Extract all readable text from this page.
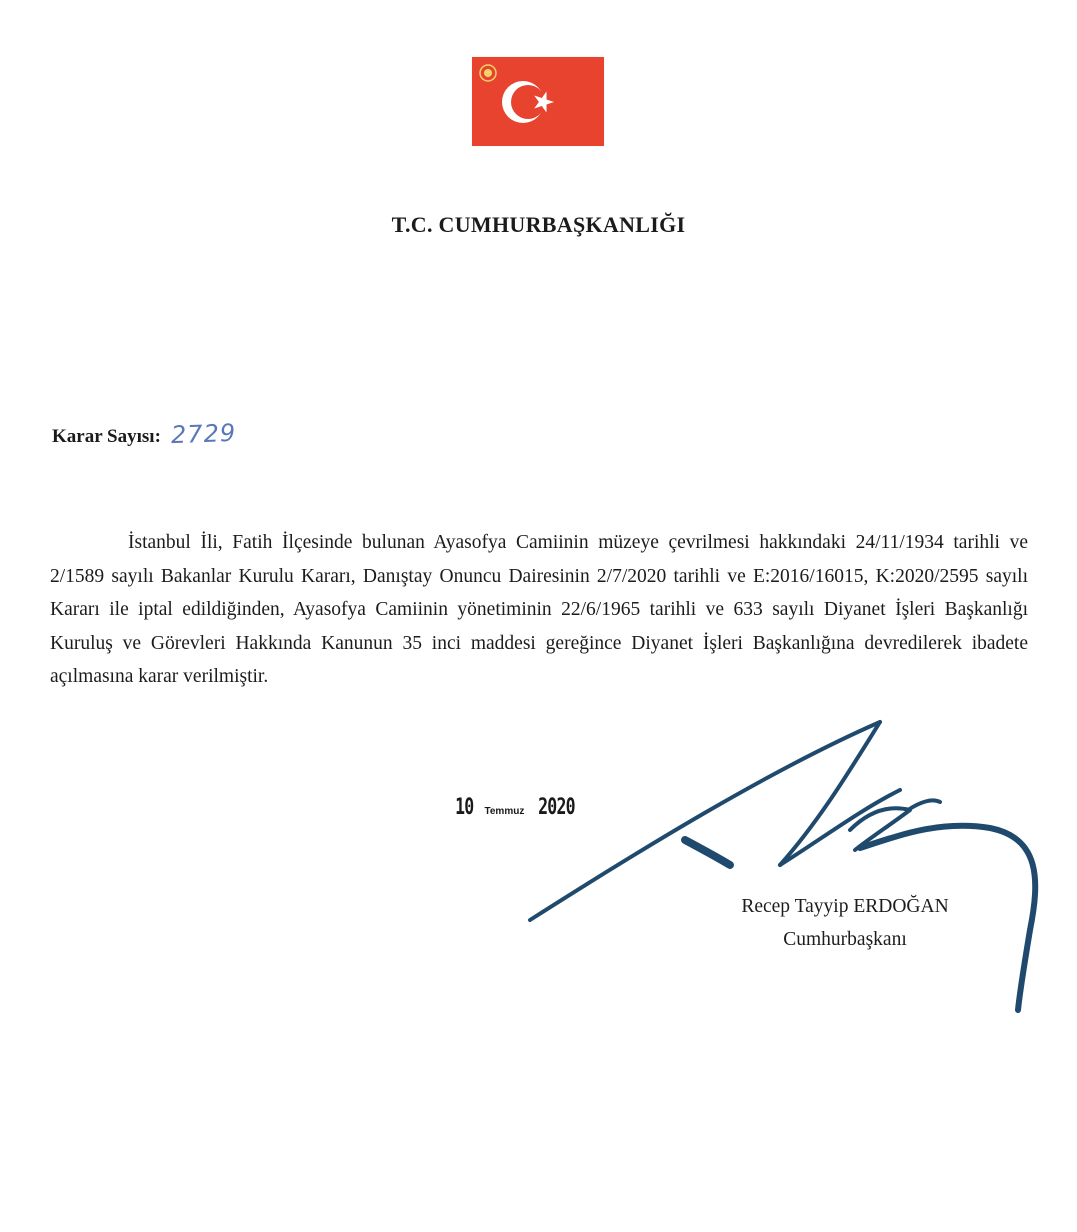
T.C. CUMHURBAŞKANLIĞI
Karar Sayısı: 2729
İstanbul İli, Fatih İlçesinde bulunan Ayasofya Camiinin müzeye çevrilmesi hakkındaki 24/11/1934 tarihli ve 2/1589 sayılı Bakanlar Kurulu Kararı, Danıştay Onuncu Dairesinin 2/7/2020 tarihli ve E:2016/16015, K:2020/2595 sayılı Kararı ile iptal edildiğinden, Ayasofya Camiinin yönetiminin 22/6/1965 tarihli ve 633 sayılı Diyanet İşleri Başkanlığı Kuruluş ve Görevleri Hakkında Kanunun 35 inci maddesi gereğince Diyanet İşleri Başkanlığına devredilerek ibadete açılmasına karar verilmiştir.
10 Temmuz 2020
Recep Tayyip ERDOĞAN
Cumhurbaşkanı
